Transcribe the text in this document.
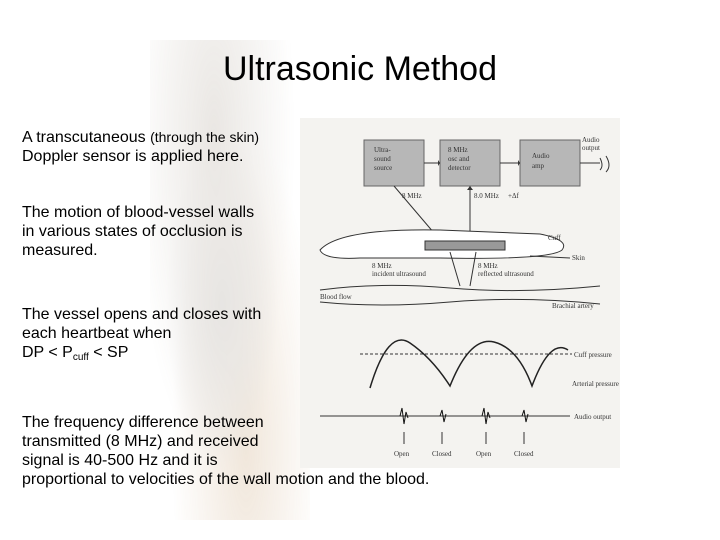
Ultrasonic Method
A transcutaneous (through the skin)
Doppler sensor is applied here.
The motion of blood-vessel walls
in various states of occlusion is
measured.
The vessel opens and closes with
each heartbeat when
DP < $P_{cuff}$ < SP
The frequency difference between
transmitted (8 MHz) and received
signal is 40-500 Hz and it is
proportional to velocities of the wall motion and the blood.
Ultra-
sound
source
8 MHz
osc and
detector
Audio
amp
Audio
output
8 MHz	8.0 MHz +Δf
Cuff
Skin
8 MHz
incident ultrasound
8 MHz
reflected ultrasound
Blood flow
Brachial artery
Cuff pressure
Arterial pressure
Audio output
Open	Closed	Open	Closed
